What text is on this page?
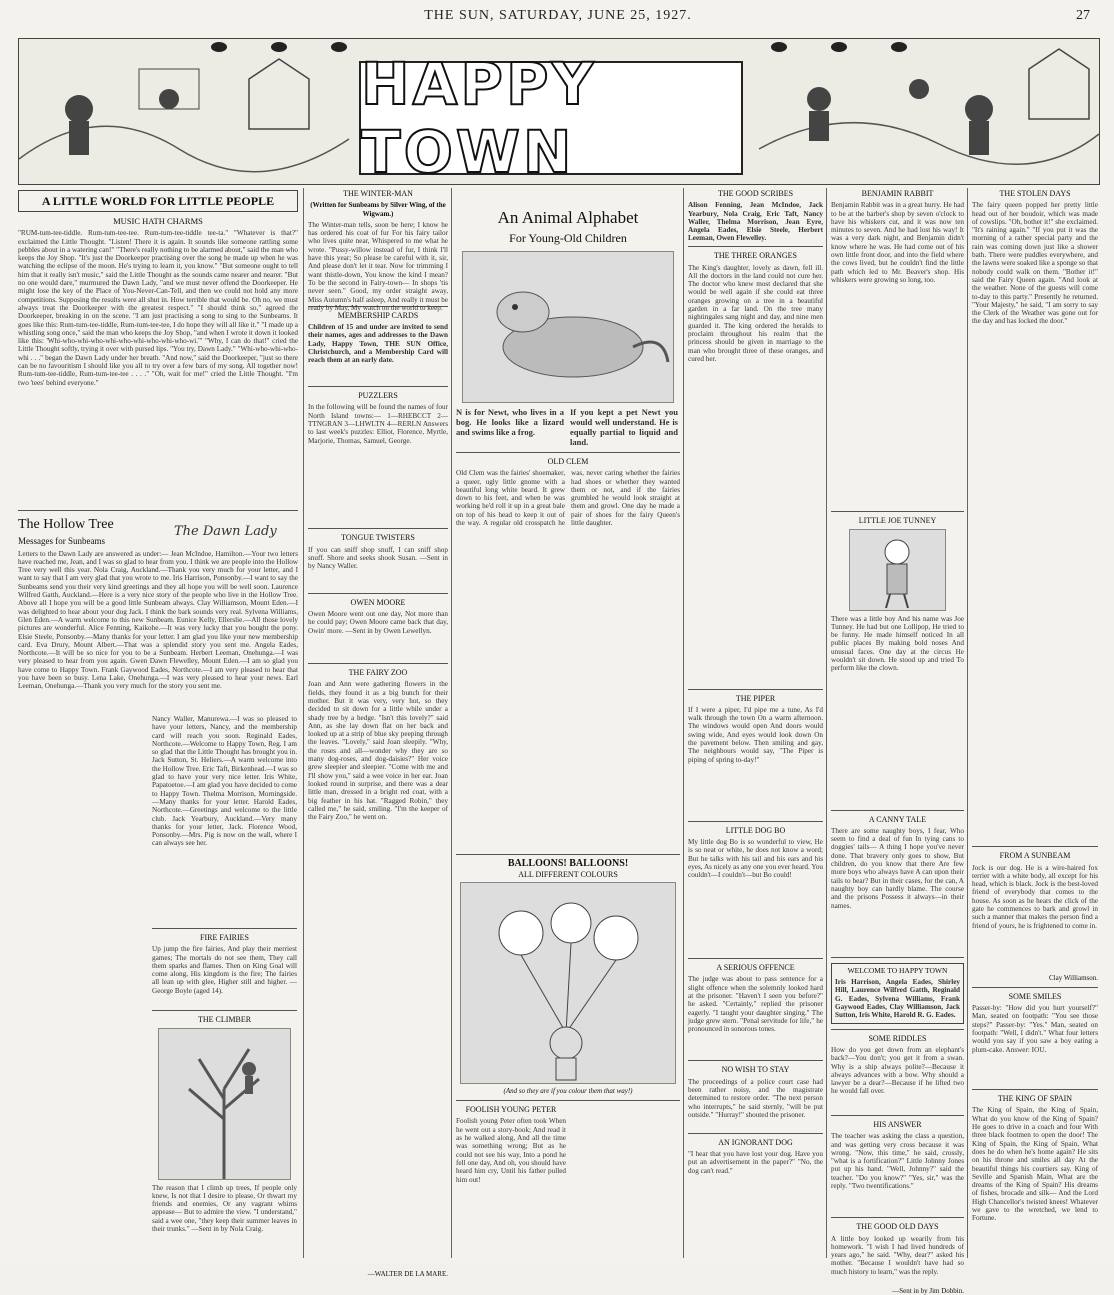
THE SUN, SATURDAY, JUNE 25, 1927.	27
HAPPY TOWN
A LITTLE WORLD FOR LITTLE PEOPLE
MUSIC HATH CHARMS
"RUM-tum-tee-tiddle. Rum-tum-tee-tee. Rum-tum-tee-tiddle tee-ta." "Whatever is that?" exclaimed the Little Thought. "Listen! There it is again. It sounds like someone rattling some pebbles about in a watering can!" "There's really nothing to be alarmed about," said the man who keeps the Joy Shop. "It's just the Doorkeeper practising over the song he made up when he was watching the eclipse of the moon. He's trying to learn it, you know." "But someone ought to tell him that it really isn't music," said the Little Thought as the sounds came nearer and nearer. "But no one would dare," murmured the Dawn Lady, "and we must never offend the Doorkeeper. He might lose the key of the Place of You-Never-Can-Tell, and then we could not hold any more competitions. Supposing the results were all shut in. How terrible that would be. Oh no, we must always treat the Doorkeeper with the greatest respect." "I should think so," agreed the Doorkeeper, breaking in on the scene. "I am just practising a song to sing to the Sunbeams. It goes like this: Rum-tum-tee-tiddle, Rum-tum-tee-tee, I do hope they will all like it." "I made up a whistling song once," said the man who keeps the Joy Shop, "and when I wrote it down it looked like this: 'Whi-who-whi-who-whi-who-whi-who-whi-who-wi.'" "Why, I can do that!" cried the Little Thought softly, trying it over with pursed lips. "You try, Dawn Lady." "Whi-who-whi-who-whi . . ." began the Dawn Lady under her breath. "And now," said the Doorkeeper, "just so there can be no favouritism I should like you all to try over a few bars of my song. All together now! Rum-tum-tee-tiddle, Rum-tum-tee-tee . . . ." "Oh, wait for me!" cried the Little Thought. "I'm two 'tees' behind everyone."
The Hollow Tree
Messages for Sunbeams
The Dawn Lady
Letters to the Dawn Lady are answered as under:— Jean McIndoe, Hamilton.—Your two letters have reached me, Jean, and I was so glad to hear from you. I think we are people into the Hollow Tree very well this year. Nola Craig, Auckland.—Thank you very much for your letter, and I want to say that I am very glad that you wrote to me. Iris Harrison, Ponsonby.—I want to say the Sunbeams send you their very kind greetings and they all hope you will be well soon. Laurence Wilfred Gatth, Auckland.—Here is a very nice story of the people who live in the Hollow Tree. Above all I hope you will be a good little Sunbeam always. Clay Williamson, Mount Eden.—I was delighted to hear about your dog Jack. I think the bark sounds very real. Sylvena Williams, Glen Eden.—A warm welcome to this new Sunbeam. Eunice Kelly, Ellerslie.—All those lovely pictures are wonderful. Alice Fenning, Kaikohe.—It was very lucky that you bought the pony. Elsie Steele, Ponsonby.—Many thanks for your letter. I am glad you like your new membership card. Eva Drury, Mount Albert.—That was a splendid story you sent me. Angela Eades, Northcote.—It will be so nice for you to be a Sunbeam. Herbert Leeman, Onehunga.—I was very pleased to hear from you again. Gwen Dawn Flewelley, Mount Eden.—I am so glad you have come to Happy Town. Frank Gaywood Eades, Northcote.—I am very pleased to hear that you have been so busy. Lena Lake, Onehunga.—I was very pleased to hear your news. Earl Leeman, Onehunga.—Thank you very much for the story you sent me.
Nancy Waller, Manurewa.—I was so pleased to have your letters, Nancy, and the membership card will reach you soon. Reginald Eades, Northcote.—Welcome to Happy Town, Reg. I am so glad that the Little Thought has brought you in. Jack Sutton, St. Heliers.—A warm welcome into the Hollow Tree. Eric Taft, Birkenhead.—I was so glad to have your very nice letter. Iris White, Papatoetoe.—I am glad you have decided to come to Happy Town. Thelma Morrison, Morningside.—Many thanks for your letter. Harold Eades, Northcote.—Greetings and welcome to the little club. Jack Yearbury, Auckland.—Very many thanks for your letter, Jack. Florence Wood, Ponsonby.—Mrs. Pig is now on the wall, where I can always see her.
FIRE FAIRIES
Up jump the fire fairies, And play their merriest games; The mortals do not see them, They call them sparks and flames. Then on King Goal will come along, His kingdom is the fire; The fairies all lean up with glee, Higher still and higher. —George Boyle (aged 14).
THE CLIMBER
The reason that I climb up trees, If people only knew, Is not that I desire to please, Or thwart my friends and enemies, Or any vagrant whims appease— But to admire the view. "I understand," said a wee one, "they keep their summer leaves in their trunks." —Sent in by Nola Craig.
THE WINTER-MAN
(Written for Sunbeams by Silver Wing, of the Wigwam.)
The Winter-man tells, soon be here; I know he has ordered his coat of fur For his fairy tailor who lives quite near, Whispered to me what he wrote. "Pussy-willow instead of fur, I think I'll have this year; So please be careful with it, sir, And please don't let it tear. Now for trimming I want thistle-down, You know the kind I mean? To be the second in Fairy-town— In shops 'tis never seen." Good, my order straight away, Miss Autumn's half asleep, And really it must be ready by May, My watch on the world to keep.
MEMBERSHIP CARDS
Children of 15 and under are invited to send their names, ages and addresses to the Dawn Lady, Happy Town, THE SUN Office, Christchurch, and a Membership Card will reach them at an early date.
PUZZLERS
In the following will be found the names of four North Island towns:— 1—RHEBCCT 2—TTNGRAN 3—LHWLTN 4—RERLN Answers to last week's puzzles: Elliot, Florence, Myrtle, Marjorie, Thomas, Samuel, George.
TONGUE TWISTERS
If you can sniff shop snuff, I can sniff shop snuff. Shore and seeks shook Susan. —Sent in by Nancy Waller.
OWEN MOORE
Owen Moore went out one day, Not more than he could pay; Owen Moore came back that day, Owin' more. —Sent in by Owen Lewellyn.
THE FAIRY ZOO
Joan and Ann were gathering flowers in the fields, they found it as a big bunch for their mother. But it was very, very hot, so they decided to sit down for a little while under a shady tree by a hedge. "Isn't this lovely?" said Ann, as she lay down flat on her back and looked up at a strip of blue sky peeping through the leaves. "Lovely," said Joan sleepily. "Why, the roses and all—wonder why they are so many dog-roses, and dog-daisies?" Her voice grew sleepier and sleepier. "Come with me and I'll show you," said a wee voice in her ear. Joan looked round in surprise, and there was a dear little man, dressed in a bright red coat, with a big feather in his hat. "Ragged Robin," they called me," he said, smiling. "I'm the keeper of the Fairy Zoo," he went on.
—WALTER DE LA MARE.
An Animal Alphabet
For Young-Old Children
N is for Newt, who lives in a bog. He looks like a lizard and swims like a frog.
If you kept a pet Newt you would well understand. He is equally partial to liquid and land.
OLD CLEM
Old Clem was the fairies' shoemaker, a queer, ugly little gnome with a beautiful long white beard. It grew down to his feet, and when he was working he'd roll it up in a great bale on top of his head to keep it out of the way. A regular old crosspatch he was, never caring whether the fairies had shoes or whether they wanted them or not, and if the fairies grumbled he would look straight at them and growl. One day he made a pair of shoes for the fairy Queen's little daughter.
BALLOONS! BALLOONS!
ALL DIFFERENT COLOURS
(And so they are if you colour them that way!)
FOOLISH YOUNG PETER
Foolish young Peter often took When he went out a story-book; And read it as he walked along, And all the time was something wrong; But as he could not see his way, Into a pond he fell one day, And oh, you should have heard him cry, Until his father pulled him out!
THE GOOD SCRIBES
Alison Fenning, Jean McIndoe, Jack Yearbury, Nola Craig, Eric Taft, Nancy Waller, Thelma Morrison, Jean Eyre, Angela Eades, Elsie Steele, Herbert Leeman, Owen Flewelley.
THE THREE ORANGES
The King's daughter, lovely as dawn, fell ill. All the doctors in the land could not cure her. The doctor who knew most declared that she would be well again if she could eat three oranges growing on a tree in a beautiful garden in a far land. On the tree many nightingales sang night and day, and nine men guarded it. The king ordered the heralds to proclaim throughout his realm that the princess should be given in marriage to the man who brought three of these oranges, and cured her.
THE PIPER
If I were a piper, I'd pipe me a tune, As I'd walk through the town On a warm afternoon. The windows would open And doors would swing wide, And eyes would look down On the pavement below. Then smiling and gay, The neighbours would say, "The Piper is piping of spring to-day!"
LITTLE DOG BO
My little dog Bo is so wonderful to view, He is so neat or white, he does not know a word; But he talks with his tail and his ears and his eyes, As nicely as any one you ever heard. You couldn't—I couldn't—but Bo could!
A SERIOUS OFFENCE
The judge was about to pass sentence for a slight offence when the solemnly looked hard at the prisoner. "Haven't I seen you before?" he asked. "Certainly," replied the prisoner eagerly. "I taught your daughter singing." The judge grew stern. "Penal servitude for life," he pronounced in sonorous tones.
NO WISH TO STAY
The proceedings of a police court case had been rather noisy, and the magistrate determined to restore order. "The next person who interrupts," he said sternly, "will be put outside." "Hurray!" shouted the prisoner.
AN IGNORANT DOG
"I hear that you have lost your dog. Have you put an advertisement in the paper?" "No, the dog can't read."
BENJAMIN RABBIT
Benjamin Rabbit was in a great hurry. He had to be at the barber's shop by seven o'clock to have his whiskers cut, and it was now ten minutes to seven. And he had lost his way! It was a very dark night, and Benjamin didn't know where he was. He had come out of his own little front door, and into the field where the cows lived, but he couldn't find the little path which led to Mr. Beaver's shop. His whiskers were growing so long, too.
LITTLE JOE TUNNEY
There was a little boy And his name was Joe Tunney. He had but one Lollipop, He tried to be funny. He made himself noticed In all public places By making bold noses And unusual faces. One day at the circus He wouldn't sit down. He stood up and tried To perform like the clown.
A CANNY TALE
There are some naughty boys, I fear, Who seem to find a deal of fun In tying cans to doggies' tails— A thing I hope you've never done. That bravery only goes to show, But children, do you know that there Are few more boys who always have A can upon their tails to bear? But in their cases, for the can, A naughty boy can hardly blame. The course and the prisons Possess it always—in their names.
WELCOME TO HAPPY TOWN
Iris Harrison, Angela Eades, Shirley Hill, Laurence Wilfred Gatth, Reginald G. Eades, Sylvena Williams, Frank Gaywood Eades, Clay Williamson, Jack Sutton, Iris White, Harold R. G. Eades.
SOME RIDDLES
How do you get down from an elephant's back?—You don't; you get it from a swan. Why is a ship always polite?—Because it always advances with a bow. Why should a lawyer be a dear?—Because if he lifted two he would fall over.
HIS ANSWER
The teacher was asking the class a question, and was getting very cross because it was wrong. "Now, this time," he said, crossly, "what is a fortification?" Little Johnny Jones put up his hand. "Well, Johnny?" said the teacher. "Do you know?" "Yes, sir," was the reply. "Two twentifications."
THE GOOD OLD DAYS
A little boy looked up wearily from his homework. "I wish I had lived hundreds of years ago," he said. "Why, dear?" asked his mother. "Because I wouldn't have had so much history to learn," was the reply.
—Sent in by Jim Dobbin.
THE STOLEN DAYS
The fairy queen popped her pretty little head out of her boudoir, which was made of cowslips. "Oh, bother it!" she exclaimed. "It's raining again." "If you put it was the morning of a rather special party and the rain was coming down just like a shower bath. There were puddles everywhere, and the lawns were soaked like a sponge so that nobody could walk on them. "Bother it!" said the Fairy Queen again. "And look at the weather. None of the guests will come to-day to this party." Presently he returned. "Your Majesty," he said, "I am sorry to say the Clerk of the Weather was gone out for the day and has locked the door."
FROM A SUNBEAM
Jock is our dog. He is a wire-haired fox terrier with a white body, all except for his head, which is black. Jock is the best-loved friend of everybody that comes to the house. As soon as he hears the click of the gate he commences to bark and growl in such a manner that makes the person find a friend of yours, he is frightened to come in.
Clay Williamson.
SOME SMILES
Passer-by: "How did you hurt yourself?" Man, seated on footpath: "You see those steps?" Passer-by: "Yes." Man, seated on footpath: "Well, I didn't." What four letters would you say if you saw a boy eating a plum-cake. Answer: IOU.
THE KING OF SPAIN
The King of Spain, the King of Spain, What do you know of the King of Spain? He goes to drive in a coach and four With three black footmen to open the door! The King of Spain, the King of Spain, What does he do when he's home again? He sits on his throne and smiles all day At the beautiful things his courtiers say. King of Seville and Spanish Main, What are the dreams of the King of Spain? His dreams of fishes, brocade and silk— And the Lord High Chancellor's twisted knees! Whatever we gave to the wretched, we lend to Fortune.
